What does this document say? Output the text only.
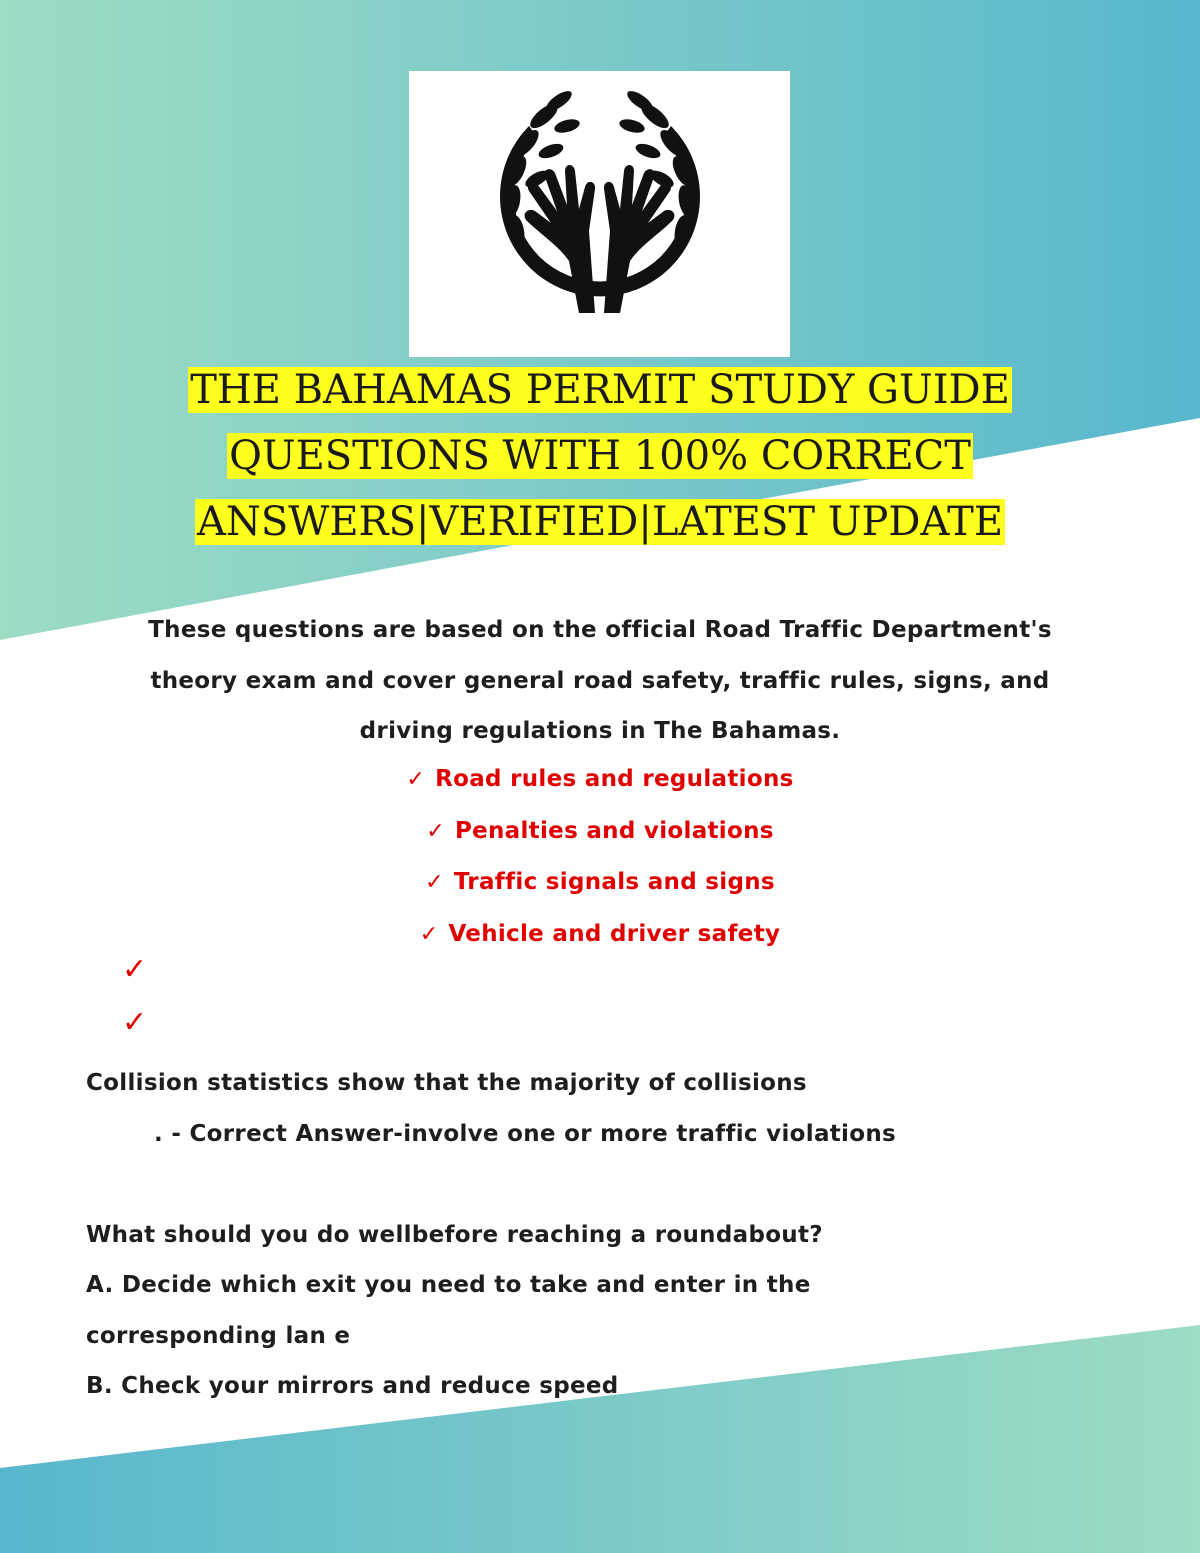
THE BAHAMAS PERMIT STUDY GUIDE
QUESTIONS WITH 100% CORRECT
ANSWERS|VERIFIED|LATEST UPDATE
These questions are based on the official Road Traffic Department's
theory exam and cover general road safety, traffic rules, signs, and
driving regulations in The Bahamas.
✓ Road rules and regulations
✓ Penalties and violations
✓ Traffic signals and signs
✓ Vehicle and driver safety
✓
✓

Collision statistics show that the majority of collisions

. - Correct Answer-involve one or more traffic violations

What should you do wellbefore reaching a roundabout?

A. Decide which exit you need to take and enter in the

corresponding lan e

B. Check your mirrors and reduce speed
